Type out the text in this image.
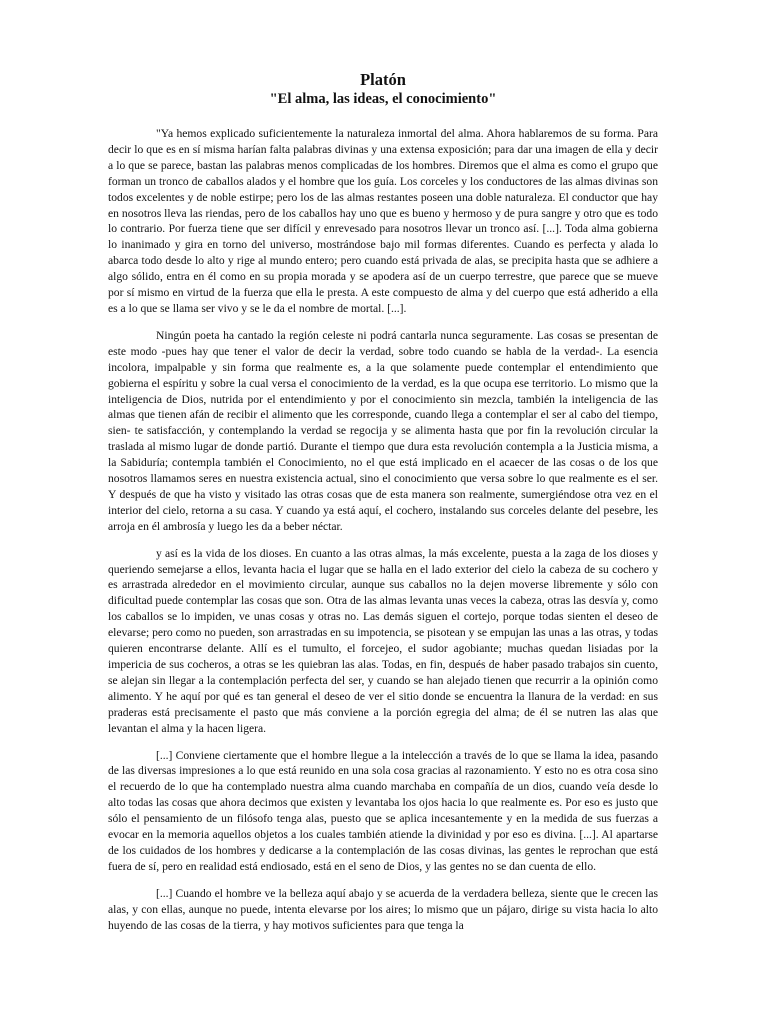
Platón
"El alma, las ideas, el conocimiento"

"Ya hemos explicado suficientemente la naturaleza inmortal del alma. Ahora hablaremos de su forma. Para decir lo que es en sí misma harían falta palabras divinas y una extensa exposición; para dar una imagen de ella y decir a lo que se parece, bastan las palabras menos complicadas de los hombres. Diremos que el alma es como el grupo que forman un tronco de caballos alados y el hombre que los guía. Los corceles y los conductores de las almas divinas son todos excelentes y de noble estirpe; pero los de las almas restantes poseen una doble naturaleza. El conductor que hay en nosotros lleva las riendas, pero de los caballos hay uno que es bueno y hermoso y de pura sangre y otro que es todo lo contrario. Por fuerza tiene que ser difícil y enrevesado para nosotros llevar un tronco así. [...]. Toda alma gobierna lo inanimado y gira en torno del universo, mostrándose bajo mil formas diferentes. Cuando es perfecta y alada lo abarca todo desde lo alto y rige al mundo entero; pero cuando está privada de alas, se precipita hasta que se adhiere a algo sólido, entra en él como en su propia morada y se apodera así de un cuerpo terrestre, que parece que se mueve por sí mismo en virtud de la fuerza que ella le presta. A este compuesto de alma y del cuerpo que está adherido a ella es a lo que se llama ser vivo y se le da el nombre de mortal. [...].

Ningún poeta ha cantado la región celeste ni podrá cantarla nunca seguramente. Las cosas se presentan de este modo -pues hay que tener el valor de decir la verdad, sobre todo cuando se habla de la verdad-. La esencia incolora, impalpable y sin forma que realmente es, a la que solamente puede contemplar el entendimiento que gobierna el espíritu y sobre la cual versa el conocimiento de la verdad, es la que ocupa ese territorio. Lo mismo que la inteligencia de Dios, nutrida por el entendimiento y por el conocimiento sin mezcla, también la inteligencia de las almas que tienen afán de recibir el alimento que les corresponde, cuando llega a contemplar el ser al cabo del tiempo, sien- te satisfacción, y contemplando la verdad se regocija y se alimenta hasta que por fin la revolución circular la traslada al mismo lugar de donde partió. Durante el tiempo que dura esta revolución contempla a la Justicia misma, a la Sabiduría; contempla también el Conocimiento, no el que está implicado en el acaecer de las cosas o de los que nosotros llamamos seres en nuestra existencia actual, sino el conocimiento que versa sobre lo que realmente es el ser. Y después de que ha visto y visitado las otras cosas que de esta manera son realmente, sumergiéndose otra vez en el interior del cielo, retorna a su casa. Y cuando ya está aquí, el cochero, instalando sus corceles delante del pesebre, les arroja en él ambrosía y luego les da a beber néctar.

y así es la vida de los dioses. En cuanto a las otras almas, la más excelente, puesta a la zaga de los dioses y queriendo semejarse a ellos, levanta hacia el lugar que se halla en el lado exterior del cielo la cabeza de su cochero y es arrastrada alrededor en el movimiento circular, aunque sus caballos no la dejen moverse libremente y sólo con dificultad puede contemplar las cosas que son. Otra de las almas levanta unas veces la cabeza, otras las desvía y, como los caballos se lo impiden, ve unas cosas y otras no. Las demás siguen el cortejo, porque todas sienten el deseo de elevarse; pero como no pueden, son arrastradas en su impotencia, se pisotean y se empujan las unas a las otras, y todas quieren encontrarse delante. Allí es el tumulto, el forcejeo, el sudor agobiante; muchas quedan lisiadas por la impericia de sus cocheros, a otras se les quiebran las alas. Todas, en fin, después de haber pasado trabajos sin cuento, se alejan sin llegar a la contemplación perfecta del ser, y cuando se han alejado tienen que recurrir a la opinión como alimento. Y he aquí por qué es tan general el deseo de ver el sitio donde se encuentra la llanura de la verdad: en sus praderas está precisamente el pasto que más conviene a la porción egregia del alma; de él se nutren las alas que levantan el alma y la hacen ligera.

[...] Conviene ciertamente que el hombre llegue a la intelección a través de lo que se llama la idea, pasando de las diversas impresiones a lo que está reunido en una sola cosa gracias al razonamiento. Y esto no es otra cosa sino el recuerdo de lo que ha contemplado nuestra alma cuando marchaba en compañía de un dios, cuando veía desde lo alto todas las cosas que ahora decimos que existen y levantaba los ojos hacia lo que realmente es. Por eso es justo que sólo el pensamiento de un filósofo tenga alas, puesto que se aplica incesantemente y en la medida de sus fuerzas a evocar en la memoria aquellos objetos a los cuales también atiende la divinidad y por eso es divina. [...]. Al apartarse de los cuidados de los hombres y dedicarse a la contemplación de las cosas divinas, las gentes le reprochan que está fuera de sí, pero en realidad está endiosado, está en el seno de Dios, y las gentes no se dan cuenta de ello.

[...] Cuando el hombre ve la belleza aquí abajo y se acuerda de la verdadera belleza, siente que le crecen las alas, y con ellas, aunque no puede, intenta elevarse por los aires; lo mismo que un pájaro, dirige su vista hacia lo alto huyendo de las cosas de la tierra, y hay motivos suficientes para que tenga la
